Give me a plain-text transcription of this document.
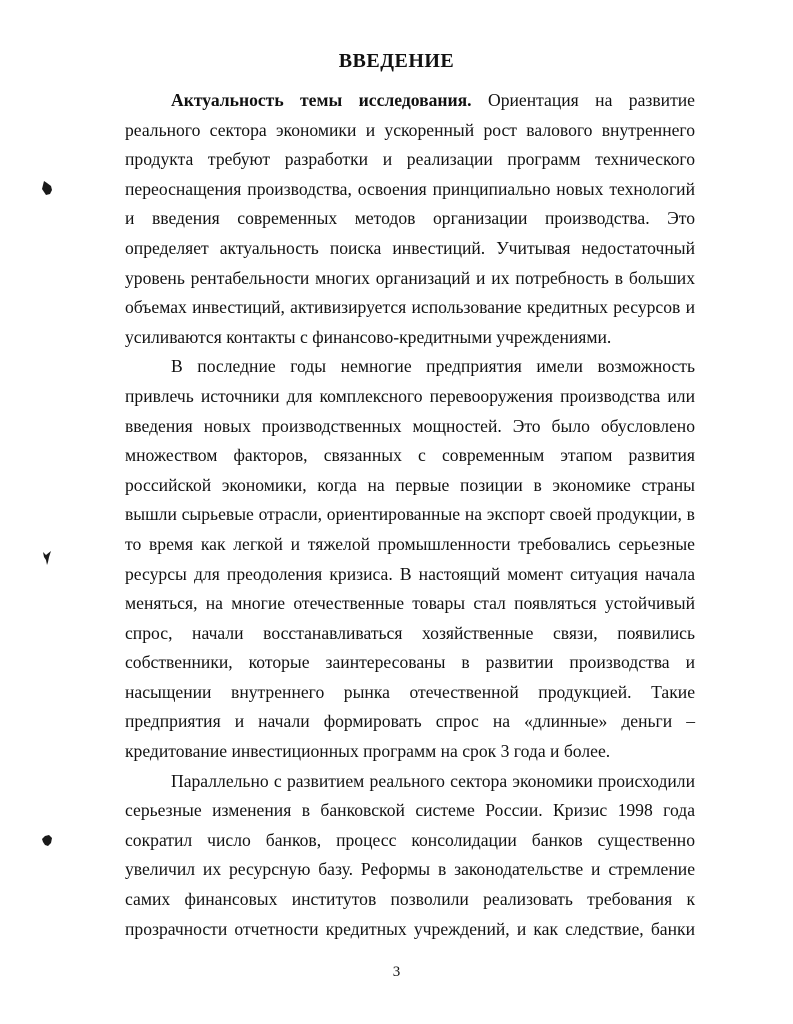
ВВЕДЕНИЕ
Актуальность темы исследования. Ориентация на развитие
реального сектора экономики и ускоренный рост валового внутреннего
продукта требуют разработки и реализации программ технического
переоснащения производства, освоения принципиально новых технологий
и введения современных методов организации производства. Это
определяет актуальность поиска инвестиций. Учитывая недостаточный
уровень рентабельности многих организаций и их потребность в больших
объемах инвестиций, активизируется использование кредитных ресурсов и
усиливаются контакты с финансово-кредитными учреждениями.
В последние годы немногие предприятия имели возможность
привлечь источники для комплексного перевооружения производства или
введения новых производственных мощностей. Это было обусловлено
множеством факторов, связанных с современным этапом развития
российской экономики, когда на первые позиции в экономике страны
вышли сырьевые отрасли, ориентированные на экспорт своей продукции, в
то время как легкой и тяжелой промышленности требовались серьезные
ресурсы для преодоления кризиса. В настоящий момент ситуация начала
меняться, на многие отечественные товары стал появляться устойчивый
спрос, начали восстанавливаться хозяйственные связи, появились
собственники, которые заинтересованы в развитии производства и
насыщении внутреннего рынка отечественной продукцией. Такие
предприятия и начали формировать спрос на «длинные» деньги –
кредитование инвестиционных программ на срок 3 года и более.
Параллельно с развитием реального сектора экономики происходили
серьезные изменения в банковской системе России. Кризис 1998 года
сократил число банков, процесс консолидации банков существенно
увеличил их ресурсную базу. Реформы в законодательстве и стремление
самих финансовых институтов позволили реализовать требования к
прозрачности отчетности кредитных учреждений, и как следствие, банки
3
